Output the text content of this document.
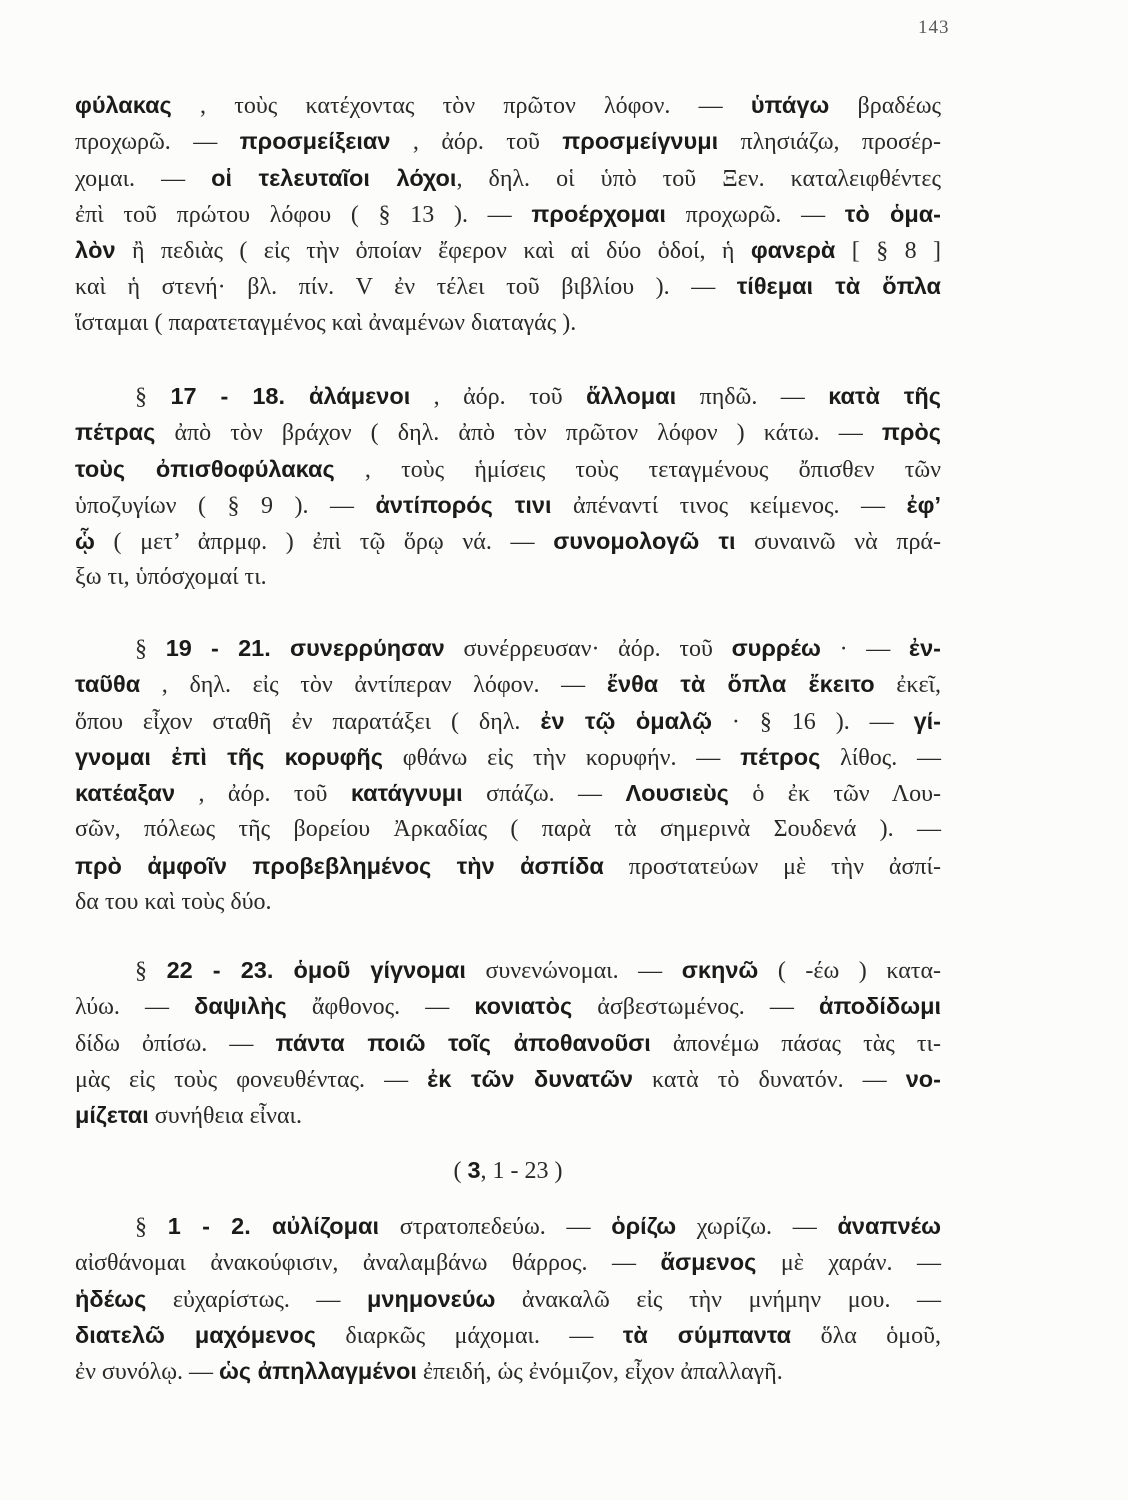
143
φύλακας , τοὺς κατέχοντας τὸν πρῶτον λόφον. — ὑπάγω βραδέως
προχωρῶ. — προσμείξειαν , ἀόρ. τοῦ προσμείγνυμι πλησιάζω, προσέρ-
χομαι. — οἱ τελευταῖοι λόχοι, δηλ. οἱ ὑπὸ τοῦ Ξεν. καταλειφθέντες
ἐπὶ τοῦ πρώτου λόφου ( § 13 ). — προέρχομαι προχωρῶ. — τὸ ὁμα-
λὸν ἢ πεδιὰς ( εἰς τὴν ὁποίαν ἔφερον καὶ αἱ δύο ὁδοί, ἡ φανερὰ [ § 8 ]
καὶ ἡ στενή· βλ. πίν. V ἐν τέλει τοῦ βιβλίου ). — τίθεμαι τὰ ὅπλα
ἵσταμαι ( παρατεταγμένος καὶ ἀναμένων διαταγάς ).
§ 17 - 18. ἀλάμενοι , ἀόρ. τοῦ ἅλλομαι πηδῶ. — κατὰ τῆς
πέτρας ἀπὸ τὸν βράχον ( δηλ. ἀπὸ τὸν πρῶτον λόφον ) κάτω. — πρὸς
τοὺς ὀπισθοφύλακας , τοὺς ἡμίσεις τοὺς τεταγμένους ὄπισθεν τῶν
ὑποζυγίων ( § 9 ). — ἀντίπορός τινι ἀπέναντί τινος κείμενος. — ἐφ’
ᾧ ( μετ’ ἀπρμφ. ) ἐπὶ τῷ ὅρῳ νά. — συνομολογῶ τι συναινῶ νὰ πρά-
ξω τι, ὑπόσχομαί τι.
§ 19 - 21. συνερρύησαν συνέρρευσαν· ἀόρ. τοῦ συρρέω · — ἐν-
ταῦθα , δηλ. εἰς τὸν ἀντίπεραν λόφον. — ἔνθα τὰ ὅπλα ἔκειτο ἐκεῖ,
ὅπου εἶχον σταθῆ ἐν παρατάξει ( δηλ. ἐν τῷ ὁμαλῷ · § 16 ). — γί-
γνομαι ἐπὶ τῆς κορυφῆς φθάνω εἰς τὴν κορυφήν. — πέτρος λίθος. —
κατέαξαν , ἀόρ. τοῦ κατάγνυμι σπάζω. — Λουσιεὺς ὁ ἐκ τῶν Λου-
σῶν, πόλεως τῆς βορείου Ἀρκαδίας ( παρὰ τὰ σημερινὰ Σουδενά ). —
πρὸ ἀμφοῖν προβεβλημένος τὴν ἀσπίδα προστατεύων μὲ τὴν ἀσπί-
δα του καὶ τοὺς δύο.
§ 22 - 23. ὁμοῦ γίγνομαι συνενώνομαι. — σκηνῶ ( -έω ) κατα-
λύω. — δαψιλὴς ἄφθονος. — κονιατὸς ἀσβεστωμένος. — ἀποδίδωμι
δίδω ὀπίσω. — πάντα ποιῶ τοῖς ἀποθανοῦσι ἀπονέμω πάσας τὰς τι-
μὰς εἰς τοὺς φονευθέντας. — ἐκ τῶν δυνατῶν κατὰ τὸ δυνατόν. — νο-
μίζεται συνήθεια εἶναι.
( 3, 1 - 23 )
§ 1 - 2. αὐλίζομαι στρατοπεδεύω. — ὁρίζω χωρίζω. — ἀναπνέω
αἰσθάνομαι ἀνακούφισιν, ἀναλαμβάνω θάρρος. — ἄσμενος μὲ χαράν. —
ἡδέως εὐχαρίστως. — μνημονεύω ἀνακαλῶ εἰς τὴν μνήμην μου. —
διατελῶ μαχόμενος διαρκῶς μάχομαι. — τὰ σύμπαντα ὅλα ὁμοῦ,
ἐν συνόλῳ. — ὡς ἀπηλλαγμένοι ἐπειδή, ὡς ἐνόμιζον, εἶχον ἀπαλλαγῆ.
